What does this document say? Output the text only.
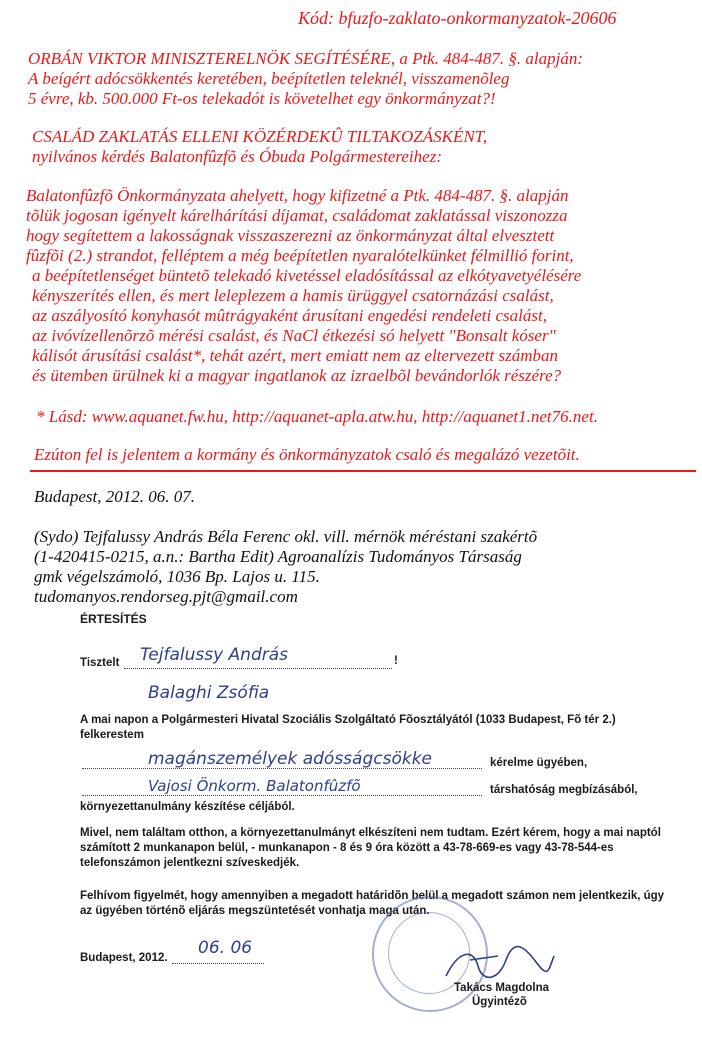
Kód: bfuzfo-zaklato-onkormanyzatok-20606
ORBÁN VIKTOR MINISZTERELNÖK SEGÍTÉSÉRE, a Ptk. 484-487. §. alapján:
A beígért adócsökkentés keretében, beépítetlen teleknél, visszamenõleg
5 évre, kb. 500.000 Ft-os telekadót is követelhet egy önkormányzat?!
CSALÁD ZAKLATÁS ELLENI KÖZÉRDEKÛ TILTAKOZÁSKÉNT,
nyilvános kérdés Balatonfûzfõ és Óbuda Polgármestereihez:
Balatonfûzfõ Önkormányzata ahelyett, hogy kifizetné a Ptk. 484-487. §. alapján
tõlük jogosan igényelt kárelhárítási díjamat, családomat zaklatással viszonozza
hogy segítettem a lakosságnak visszaszerezni az önkormányzat által elvesztett
fûzfõi (2.) strandot, felléptem a még beépítetlen nyaralótelkünket félmillió forint,
a beépítetlenséget büntetõ telekadó kivetéssel eladósítással az elkótyavetyélésére
kényszerítés ellen, és mert leleplezem a hamis ürüggyel csatornázási csalást,
az aszályosító konyhasót mûtrágyaként árusítani engedési rendeleti csalást,
az ivóvízellenõrzõ mérési csalást, és NaCl étkezési só helyett "Bonsalt kóser"
kálisót árusítási csalást*, tehát azért, mert emiatt nem az eltervezett számban
és ütemben ürülnek ki a magyar ingatlanok az izraelbõl bevándorlók részére?
* Lásd: www.aquanet.fw.hu, http://aquanet-apla.atw.hu, http://aquanet1.net76.net.
Ezúton fel is jelentem a kormány és önkormányzatok csaló és megalázó vezetõit.
Budapest, 2012. 06. 07.
(Sydo) Tejfalussy András Béla Ferenc okl. vill. mérnök méréstani szakértõ
(1-420415-0215, a.n.: Bartha Edit) Agroanalízis Tudományos Társaság
gmk végelszámoló, 1036 Bp. Lajos u. 115.
tudomanyos.rendorseg.pjt@gmail.com
ÉRTESÍTÉS
Tisztelt	!
Tejfalussy András
Balaghi Zsófia
A mai napon a Polgármesteri Hivatal Szociális Szolgáltató Fõosztályától (1033 Budapest, Fõ tér 2.)
felkerestem
magánszemélyek adósságcsökke	kérelme ügyében,
Vajosi Önkorm. Balatonfûzfõ	társhatóság megbízásából,
környezettanulmány készítése céljából.
Mivel, nem találtam otthon, a környezettanulmányt elkészíteni nem tudtam. Ezért kérem, hogy a mai naptól
számított 2 munkanapon belül, - munkanapon - 8 és 9 óra között a 43-78-669-es vagy 43-78-544-es
telefonszámon jelentkezni szíveskedjék.
Felhívom figyelmét, hogy amennyiben a megadott határidõn belül a megadott számon nem jelentkezik, úgy
az ügyében történõ eljárás megszüntetését vonhatja maga után.
Budapest, 2012. 06. 06
Takács Magdolna
Ügyintézõ
